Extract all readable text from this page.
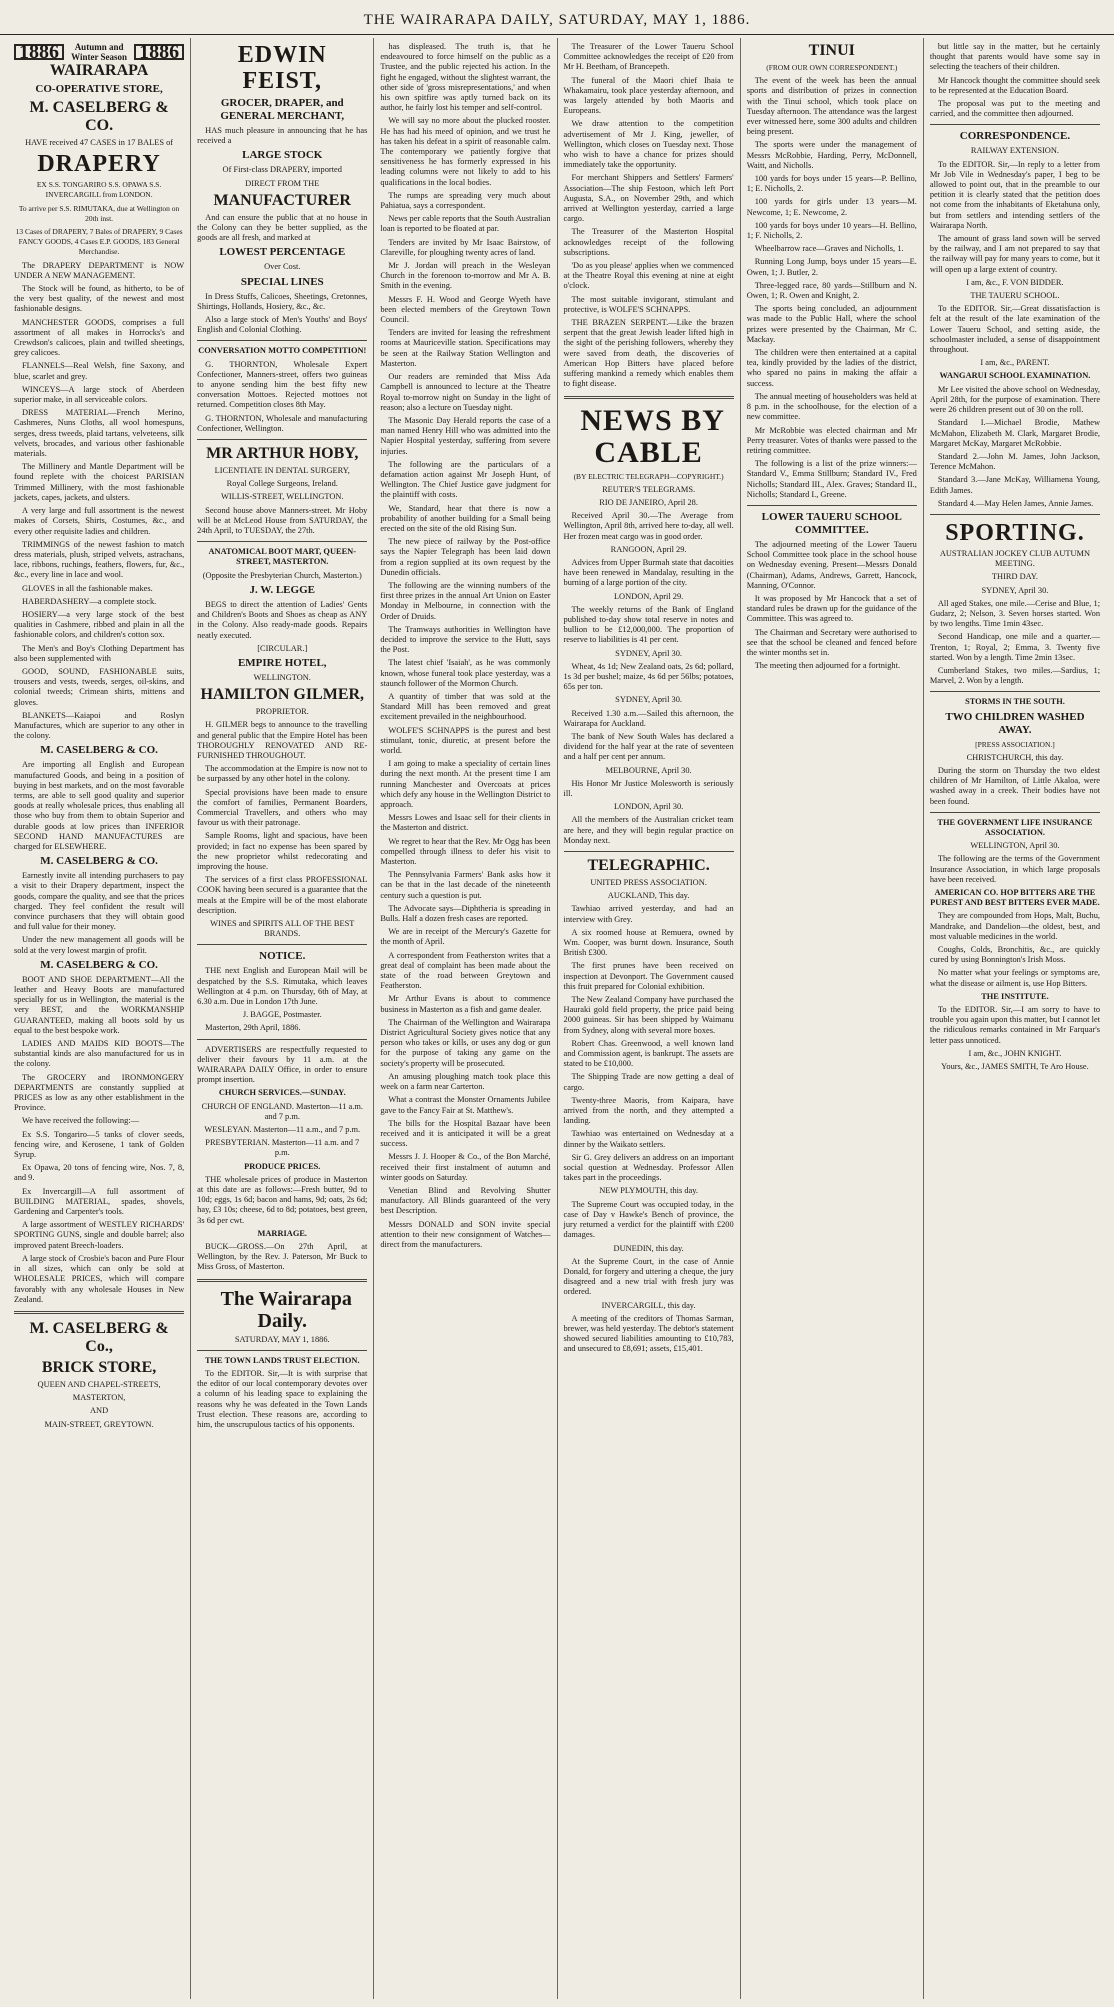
THE WAIRARAPA DAILY, SATURDAY, MAY 1, 1886.
1886	Autumn and Winter Season 1886

WAIRARAPA

CO-OPERATIVE STORE,

M. CASELBERG & CO.

HAVE received 47 CASES in 17 BALES of

DRAPERY

EX S.S. TONGARIRO S.S. OPAWA S.S. INVERCARGILL from LONDON.

To arrive per S.S. RIMUTAKA, due at Wellington on 20th inst.

13 Cases of DRAPERY, 7 Bales of DRAPERY, 9 Cases FANCY GOODS, 4 Cases E.P. GOODS, 183 General Merchandise.

The DRAPERY DEPARTMENT is NOW UNDER A NEW MANAGEMENT.

The Stock will be found, as hitherto, to be of the very best quality, of the newest and most fashionable designs.

MANCHESTER GOODS, comprises a full assortment of all makes in Horrocks's and Crewdson's calicoes, plain and twilled sheetings, grey calicoes.

FLANNELS—Real Welsh, fine Saxony, and blue, scarlet and grey.

WINCEYS—A large stock of Aberdeen superior make, in all serviceable colors.

DRESS MATERIAL—French Merino, Cashmeres, Nuns Cloths, all wool homespuns, serges, dress tweeds, plaid tartans, velveteens, silk velvets, brocades, and various other fashionable materials.

The Millinery and Mantle Department will be found replete with the choicest PARISIAN Trimmed Millinery, with the most fashionable jackets, capes, jackets, and ulsters.

A very large and full assortment is the newest makes of Corsets, Shirts, Costumes, &c., and every other requisite ladies and children.

TRIMMINGS of the newest fashion to match dress materials, plush, striped velvets, astrachans, lace, ribbons, ruchings, feathers, flowers, fur, &c., &c., every line in lace and wool.

GLOVES in all the fashionable makes.

HABERDASHERY—a complete stock.

HOSIERY—a very large stock of the best qualities in Cashmere, ribbed and plain in all the fashionable colors, and children's cotton sox.

The Men's and Boy's Clothing Department has also been supplemented with

GOOD, SOUND, FASHIONABLE suits, trousers and vests, tweeds, serges, oil-skins, and colonial tweeds; Crimean shirts, mittens and gloves.

BLANKETS—Kaiapoi and Roslyn Manufactures, which are superior to any other in the colony.

M. CASELBERG & CO.

Are importing all English and European manufactured Goods, and being in a position of buying in best markets, and on the most favorable terms, are able to sell good quality and superior goods at really wholesale prices, thus enabling all those who buy from them to obtain Superior and durable goods at low prices than INFERIOR SECOND HAND MANUFACTURES are charged for ELSEWHERE.

M. CASELBERG & CO.

Earnestly invite all intending purchasers to pay a visit to their Drapery department, inspect the goods, compare the quality, and see that the prices charged. They feel confident the result will convince purchasers that they will obtain good and full value for their money.

Under the new management all goods will be sold at the very lowest margin of profit.

M. CASELBERG & CO.

BOOT AND SHOE DEPARTMENT—All the leather and Heavy Boots are manufactured specially for us in Wellington, the material is the very BEST, and the WORKMANSHIP GUARANTEED, making all boots sold by us equal to the best bespoke work.

LADIES AND MAIDS KID BOOTS—The substantial kinds are also manufactured for us in the colony.

The GROCERY and IRONMONGERY DEPARTMENTS are constantly supplied at PRICES as low as any other establishment in the Province.

We have received the following:—

Ex S.S. Tongariro—5 tanks of clover seeds, fencing wire, and Kerosene, 1 tank of Golden Syrup.

Ex Opawa, 20 tons of fencing wire, Nos. 7, 8, and 9.

Ex Invercargill—A full assortment of BUILDING MATERIAL, spades, shovels, Gardening and Carpenter's tools.

A large assortment of WESTLEY RICHARDS' SPORTING GUNS, single and double barrel; also improved patent Breech-loaders.

A large stock of Crosbie's bacon and Pure Flour in all sizes, which can only be sold at WHOLESALE PRICES, which will compare favorably with any wholesale Houses in New Zealand.

M. CASELBERG & Co.,

BRICK STORE,

QUEEN AND CHAPEL-STREETS,

MASTERTON,

AND

MAIN-STREET, GREYTOWN.

EDWIN FEIST,

GROCER, DRAPER, and GENERAL MERCHANT,

HAS much pleasure in announcing that he has received a

LARGE STOCK

Of First-class DRAPERY, imported

DIRECT FROM THE

MANUFACTURER

And can ensure the public that at no house in the Colony can they be better supplied, as the goods are all fresh, and marked at

LOWEST PERCENTAGE

Over Cost.

SPECIAL LINES

In Dress Stuffs, Calicoes, Sheetings, Cretonnes, Shirtings, Hollands, Hosiery, &c., &c.

Also a large stock of Men's Youths' and Boys' English and Colonial Clothing.

CONVERSATION MOTTO COMPETITION!

G. THORNTON, Wholesale Expert Confectioner, Manners-street, offers two guineas to anyone sending him the best fifty new conversation Mottoes. Rejected mottoes not returned. Competition closes 8th May.

G. THORNTON, Wholesale and manufacturing Confectioner, Wellington.

MR ARTHUR HOBY,

LICENTIATE IN DENTAL SURGERY,

Royal College Surgeons, Ireland.

WILLIS-STREET, WELLINGTON.

Second house above Manners-street. Mr Hoby will be at McLeod House from SATURDAY, the 24th April, to TUESDAY, the 27th.

ANATOMICAL BOOT MART, QUEEN-STREET, MASTERTON.

(Opposite the Presbyterian Church, Masterton.)

J. W. LEGGE

BEGS to direct the attention of Ladies' Gents and Children's Boots and Shoes as cheap as ANY in the Colony. Also ready-made goods. Repairs neatly executed.

[CIRCULAR.]

EMPIRE HOTEL,

WELLINGTON.

HAMILTON GILMER,

PROPRIETOR.

H. GILMER begs to announce to the travelling and general public that the Empire Hotel has been THOROUGHLY RENOVATED AND RE-FURNISHED THROUGHOUT.

The accommodation at the Empire is now not to be surpassed by any other hotel in the colony.

Special provisions have been made to ensure the comfort of families, Permanent Boarders, Commercial Travellers, and others who may favour us with their patronage.

Sample Rooms, light and spacious, have been provided; in fact no expense has been spared by the new proprietor whilst redecorating and improving the house.

The services of a first class PROFESSIONAL COOK having been secured is a guarantee that the meals at the Empire will be of the most elaborate description.

WINES and SPIRITS ALL OF THE BEST BRANDS.

NOTICE.

THE next English and European Mail will be despatched by the S.S. Rimutaka, which leaves Wellington at 4 p.m. on Thursday, 6th of May, at 6.30 a.m. Due in London 17th June.

J. BAGGE, Postmaster.

Masterton, 29th April, 1886.

ADVERTISERS are respectfully requested to deliver their favours by 11 a.m. at the WAIRARAPA DAILY Office, in order to ensure prompt insertion.

CHURCH SERVICES.—SUNDAY.

CHURCH OF ENGLAND. Masterton—11 a.m. and 7 p.m.

WESLEYAN. Masterton—11 a.m., and 7 p.m.

PRESBYTERIAN. Masterton—11 a.m. and 7 p.m.

PRODUCE PRICES.

THE wholesale prices of produce in Masterton at this date are as follows:—Fresh butter, 9d to 10d; eggs, 1s 6d; bacon and hams, 9d; oats, 2s 6d; hay, £3 10s; cheese, 6d to 8d; potatoes, best green, 3s 6d per cwt.

MARRIAGE.

BUCK—GROSS.—On 27th April, at Wellington, by the Rev. J. Paterson, Mr Buck to Miss Gross, of Masterton.

The Wairarapa Daily.

SATURDAY, MAY 1, 1886.

THE TOWN LANDS TRUST ELECTION.

To the EDITOR. Sir,—It is with surprise that the editor of our local contemporary devotes over a column of his leading space to explaining the reasons why he was defeated in the Town Lands Trust election. These reasons are, according to him, the unscrupulous tactics of his opponents.

has displeased. The truth is, that he endeavoured to force himself on the public as a Trustee, and the public rejected his action. In the fight he engaged, without the slightest warrant, the other side of 'gross misrepresentations,' and when his own spitfire was aptly turned back on its author, he fairly lost his temper and self-control.

We will say no more about the plucked rooster. He has had his meed of opinion, and we trust he has taken his defeat in a spirit of reasonable calm. The contemporary we patiently forgive that sensitiveness he has formerly expressed in his leading columns were not likely to add to his qualifications in the local bodies.

The rumps are spreading very much about Pahiatua, says a correspondent.

News per cable reports that the South Australian loan is reported to be floated at par.

Tenders are invited by Mr Isaac Bairstow, of Clareville, for ploughing twenty acres of land.

Mr J. Jordan will preach in the Wesleyan Church in the forenoon to-morrow and Mr A. B. Smith in the evening.

Messrs F. H. Wood and George Wyeth have been elected members of the Greytown Town Council.

Tenders are invited for leasing the refreshment rooms at Mauriceville station. Specifications may be seen at the Railway Station Wellington and Masterton.

Our readers are reminded that Miss Ada Campbell is announced to lecture at the Theatre Royal to-morrow night on Sunday in the light of reason; also a lecture on Tuesday night.

The Masonic Day Herald reports the case of a man named Henry Hill who was admitted into the Napier Hospital yesterday, suffering from severe injuries.

The following are the particulars of a defamation action against Mr Joseph Hunt, of Wellington. The Chief Justice gave judgment for the plaintiff with costs.

We, Standard, hear that there is now a probability of another building for a Small being erected on the site of the old Rising Sun.

The new piece of railway by the Post-office says the Napier Telegraph has been laid down from a region supplied at its own request by the Dunedin officials.

The following are the winning numbers of the first three prizes in the annual Art Union on Easter Monday in Melbourne, in connection with the Order of Druids.

The Tramways authorities in Wellington have decided to improve the service to the Hutt, says the Post.

The latest chief 'Isaiah', as he was commonly known, whose funeral took place yesterday, was a staunch follower of the Mormon Church.

A quantity of timber that was sold at the Standard Mill has been removed and great excitement prevailed in the neighbourhood.

WOLFE'S SCHNAPPS is the purest and best stimulant, tonic, diuretic, at present before the world.

I am going to make a speciality of certain lines during the next month. At the present time I am running Manchester and Overcoats at prices which defy any house in the Wellington District to approach.

Messrs Lowes and Isaac sell for their clients in the Masterton and district.

We regret to hear that the Rev. Mr Ogg has been compelled through illness to defer his visit to Masterton.

The Pennsylvania Farmers' Bank asks how it can be that in the last decade of the nineteenth century such a question is put.

The Advocate says—Diphtheria is spreading in Bulls. Half a dozen fresh cases are reported.

We are in receipt of the Mercury's Gazette for the month of April.

A correspondent from Featherston writes that a great deal of complaint has been made about the state of the road between Greytown and Featherston.

Mr Arthur Evans is about to commence business in Masterton as a fish and game dealer.

The Chairman of the Wellington and Wairarapa District Agricultural Society gives notice that any person who takes or kills, or uses any dog or gun for the purpose of taking any game on the society's property will be prosecuted.

An amusing ploughing match took place this week on a farm near Carterton.

What a contrast the Monster Ornaments Jubilee gave to the Fancy Fair at St. Matthew's.

The bills for the Hospital Bazaar have been received and it is anticipated it will be a great success.

Messrs J. J. Hooper & Co., of the Bon Marché, received their first instalment of autumn and winter goods on Saturday.

Venetian Blind and Revolving Shutter manufactory. All Blinds guaranteed of the very best Description.

Messrs DONALD and SON invite special attention to their new consignment of Watches—direct from the manufacturers.

The Treasurer of the Lower Taueru School Committee acknowledges the receipt of £20 from Mr H. Beetham, of Brancepeth.

The funeral of the Maori chief Ihaia te Whakamairu, took place yesterday afternoon, and was largely attended by both Maoris and Europeans.

We draw attention to the competition advertisement of Mr J. King, jeweller, of Wellington, which closes on Tuesday next. Those who wish to have a chance for prizes should immediately take the opportunity.

For merchant Shippers and Settlers' Farmers' Association—The ship Festoon, which left Port Augusta, S.A., on November 29th, and which arrived at Wellington yesterday, carried a large cargo.

The Treasurer of the Masterton Hospital acknowledges receipt of the following subscriptions.

'Do as you please' applies when we commenced at the Theatre Royal this evening at nine at eight o'clock.

The most suitable invigorant, stimulant and protective, is WOLFE'S SCHNAPPS.

THE BRAZEN SERPENT.—Like the brazen serpent that the great Jewish leader lifted high in the sight of the perishing followers, whereby they were saved from death, the discoveries of American Hop Bitters have placed before suffering mankind a remedy which enables them to fight disease.

NEWS BY CABLE

(BY ELECTRIC TELEGRAPH—COPYRIGHT.)

REUTER'S TELEGRAMS.

RIO DE JANEIRO, April 28.

Received April 30.—The Average from Wellington, April 8th, arrived here to-day, all well. Her frozen meat cargo was in good order.

RANGOON, April 29.

Advices from Upper Burmah state that dacoities have been renewed in Mandalay, resulting in the burning of a large portion of the city.

LONDON, April 29.

The weekly returns of the Bank of England published to-day show total reserve in notes and bullion to be £12,000,000. The proportion of reserve to liabilities is 41 per cent.

SYDNEY, April 30.

Wheat, 4s 1d; New Zealand oats, 2s 6d; pollard, 1s 3d per bushel; maize, 4s 6d per 56lbs; potatoes, 65s per ton.

SYDNEY, April 30.

Received 1.30 a.m.—Sailed this afternoon, the Wairarapa for Auckland.

The bank of New South Wales has declared a dividend for the half year at the rate of seventeen and a half per cent per annum.

MELBOURNE, April 30.

His Honor Mr Justice Molesworth is seriously ill.

LONDON, April 30.

All the members of the Australian cricket team are here, and they will begin regular practice on Monday next.

TELEGRAPHIC.

UNITED PRESS ASSOCIATION.

AUCKLAND, This day.

Tawhiao arrived yesterday, and had an interview with Grey.

A six roomed house at Remuera, owned by Wm. Cooper, was burnt down. Insurance, South British £300.

The first prunes have been received on inspection at Devonport. The Government caused this fruit prepared for Colonial exhibition.

The New Zealand Company have purchased the Hauraki gold field property, the price paid being 2000 guineas. Sir has been shipped by Waimanu from Sydney, along with several more boxes.

Robert Chas. Greenwood, a well known land and Commission agent, is bankrupt. The assets are stated to be £10,000.

The Shipping Trade are now getting a deal of cargo.

Twenty-three Maoris, from Kaipara, have arrived from the north, and they attempted a landing.

Tawhiao was entertained on Wednesday at a dinner by the Waikato settlers.

Sir G. Grey delivers an address on an important social question at Wednesday. Professor Allen takes part in the proceedings.

NEW PLYMOUTH, this day.

The Supreme Court was occupied today, in the case of Day v Hawke's Bench of province, the jury returned a verdict for the plaintiff with £200 damages.

DUNEDIN, this day.

At the Supreme Court, in the case of Annie Donald, for forgery and uttering a cheque, the jury disagreed and a new trial with fresh jury was ordered.

INVERCARGILL, this day.

A meeting of the creditors of Thomas Sarman, brewer, was held yesterday. The debtor's statement showed secured liabilities amounting to £10,783, and unsecured to £8,691; assets, £15,401.

TINUI

(FROM OUR OWN CORRESPONDENT.)

The event of the week has been the annual sports and distribution of prizes in connection with the Tinui school, which took place on Tuesday afternoon. The attendance was the largest ever witnessed here, some 300 adults and children being present.

The sports were under the management of Messrs McRobbie, Harding, Perry, McDonnell, Waitt, and Nicholls.

100 yards for boys under 15 years—P. Bellino, 1; E. Nicholls, 2.

100 yards for girls under 13 years—M. Newcome, 1; E. Newcome, 2.

100 yards for boys under 10 years—H. Bellino, 1; F. Nicholls, 2.

Wheelbarrow race—Graves and Nicholls, 1.

Running Long Jump, boys under 15 years—E. Owen, 1; J. Butler, 2.

Three-legged race, 80 yards—Stillburn and N. Owen, 1; R. Owen and Knight, 2.

The sports being concluded, an adjournment was made to the Public Hall, where the school prizes were presented by the Chairman, Mr C. Mackay.

The children were then entertained at a capital tea, kindly provided by the ladies of the district, who spared no pains in making the affair a success.

The annual meeting of householders was held at 8 p.m. in the schoolhouse, for the election of a new committee.

Mr McRobbie was elected chairman and Mr Perry treasurer. Votes of thanks were passed to the retiring committee.

The following is a list of the prize winners:—Standard V., Emma Stillburn; Standard IV., Fred Nicholls; Standard III., Alex. Graves; Standard II., Nicholls; Standard I., Greene.

LOWER TAUERU SCHOOL COMMITTEE.

The adjourned meeting of the Lower Taueru School Committee took place in the school house on Wednesday evening. Present—Messrs Donald (Chairman), Adams, Andrews, Garrett, Hancock, Manning, O'Connor.

It was proposed by Mr Hancock that a set of standard rules be drawn up for the guidance of the Committee. This was agreed to.

The Chairman and Secretary were authorised to see that the school be cleaned and fenced before the winter months set in.

The meeting then adjourned for a fortnight.

but little say in the matter, but he certainly thought that parents would have some say in selecting the teachers of their children.

Mr Hancock thought the committee should seek to be represented at the Education Board.

The proposal was put to the meeting and carried, and the committee then adjourned.

CORRESPONDENCE.

RAILWAY EXTENSION.

To the EDITOR. Sir,—In reply to a letter from Mr Job Vile in Wednesday's paper, I beg to be allowed to point out, that in the preamble to our petition it is clearly stated that the petition does not come from the inhabitants of Eketahuna only, but from settlers and intending settlers of the Wairarapa North.

The amount of grass land sown will be served by the railway, and I am not prepared to say that the railway will pay for many years to come, but it will open up a large extent of country.

I am, &c., F. VON BIDDER.

THE TAUERU SCHOOL.

To the EDITOR. Sir,—Great dissatisfaction is felt at the result of the late examination of the Lower Taueru School, and setting aside, the schoolmaster included, a sense of disappointment throughout.

I am, &c., PARENT.

WANGARUI SCHOOL EXAMINATION.

Mr Lee visited the above school on Wednesday, April 28th, for the purpose of examination. There were 26 children present out of 30 on the roll.

Standard I.—Michael Brodie, Mathew McMahon, Elizabeth M. Clark, Margaret Brodie, Margaret McKay, Margaret McRobbie.

Standard 2.—John M. James, John Jackson, Terence McMahon.

Standard 3.—Jane McKay, Williamena Young, Edith James.

Standard 4.—May Helen James, Annie James.

SPORTING.

AUSTRALIAN JOCKEY CLUB AUTUMN MEETING.

THIRD DAY.

SYDNEY, April 30.

All aged Stakes, one mile.—Cerise and Blue, 1; Gudarz, 2; Nelson, 3. Seven horses started. Won by two lengths. Time 1min 43sec.

Second Handicap, one mile and a quarter.—Trenton, 1; Royal, 2; Emma, 3. Twenty five started. Won by a length. Time 2min 13sec.

Cumberland Stakes, two miles.—Sardius, 1; Marvel, 2. Won by a length.

STORMS IN THE SOUTH.

TWO CHILDREN WASHED AWAY.

[PRESS ASSOCIATION.]

CHRISTCHURCH, this day.

During the storm on Thursday the two eldest children of Mr Hamilton, of Little Akaloa, were washed away in a creek. Their bodies have not been found.

THE GOVERNMENT LIFE INSURANCE ASSOCIATION.

WELLINGTON, April 30.

The following are the terms of the Government Insurance Association, in which large proposals have been received.

AMERICAN CO. HOP BITTERS ARE THE PUREST AND BEST BITTERS EVER MADE.

They are compounded from Hops, Malt, Buchu, Mandrake, and Dandelion—the oldest, best, and most valuable medicines in the world.

Coughs, Colds, Bronchitis, &c., are quickly cured by using Bonnington's Irish Moss.

No matter what your feelings or symptoms are, what the disease or ailment is, use Hop Bitters.

THE INSTITUTE.

To the EDITOR. Sir,—I am sorry to have to trouble you again upon this matter, but I cannot let the ridiculous remarks contained in Mr Farquar's letter pass unnoticed.

I am, &c., JOHN KNIGHT.

Yours, &c., JAMES SMITH, Te Aro House.
